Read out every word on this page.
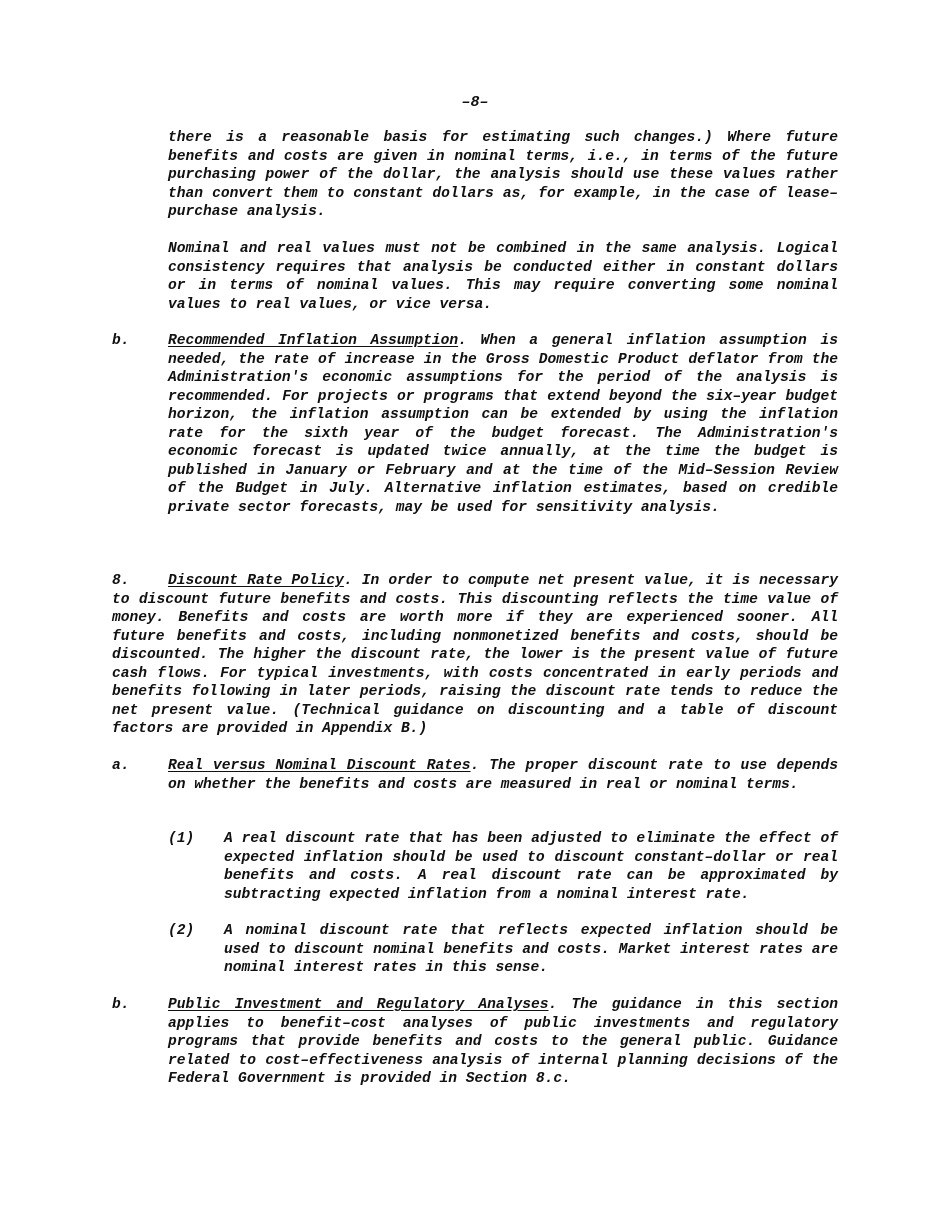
–8–
there is a reasonable basis for estimating such changes.) Where future benefits and costs are given in nominal terms, i.e., in terms of the future purchasing power of the dollar, the analysis should use these values rather than convert them to constant dollars as, for example, in the case of lease–purchase analysis.
Nominal and real values must not be combined in the same analysis. Logical consistency requires that analysis be conducted either in constant dollars or in terms of nominal values. This may require converting some nominal values to real values, or vice versa.
b.	Recommended Inflation Assumption. When a general inflation assumption is needed, the rate of increase in the Gross Domestic Product deflator from the Administration's economic assumptions for the period of the analysis is recommended. For projects or programs that extend beyond the six–year budget horizon, the inflation assumption can be extended by using the inflation rate for the sixth year of the budget forecast. The Administration's economic forecast is updated twice annually, at the time the budget is published in January or February and at the time of the Mid–Session Review of the Budget in July. Alternative inflation estimates, based on credible private sector forecasts, may be used for sensitivity analysis.
8.	Discount Rate Policy. In order to compute net present value, it is necessary to discount future benefits and costs. This discounting reflects the time value of money. Benefits and costs are worth more if they are experienced sooner. All future benefits and costs, including nonmonetized benefits and costs, should be discounted. The higher the discount rate, the lower is the present value of future cash flows. For typical investments, with costs concentrated in early periods and benefits following in later periods, raising the discount rate tends to reduce the net present value. (Technical guidance on discounting and a table of discount factors are provided in Appendix B.)
a.	Real versus Nominal Discount Rates. The proper discount rate to use depends on whether the benefits and costs are measured in real or nominal terms.
(1) A real discount rate that has been adjusted to eliminate the effect of expected inflation should be used to discount constant–dollar or real benefits and costs. A real discount rate can be approximated by subtracting expected inflation from a nominal interest rate.
(2) A nominal discount rate that reflects expected inflation should be used to discount nominal benefits and costs. Market interest rates are nominal interest rates in this sense.
b.	Public Investment and Regulatory Analyses. The guidance in this section applies to benefit–cost analyses of public investments and regulatory programs that provide benefits and costs to the general public. Guidance related to cost–effectiveness analysis of internal planning decisions of the Federal Government is provided in Section 8.c.
